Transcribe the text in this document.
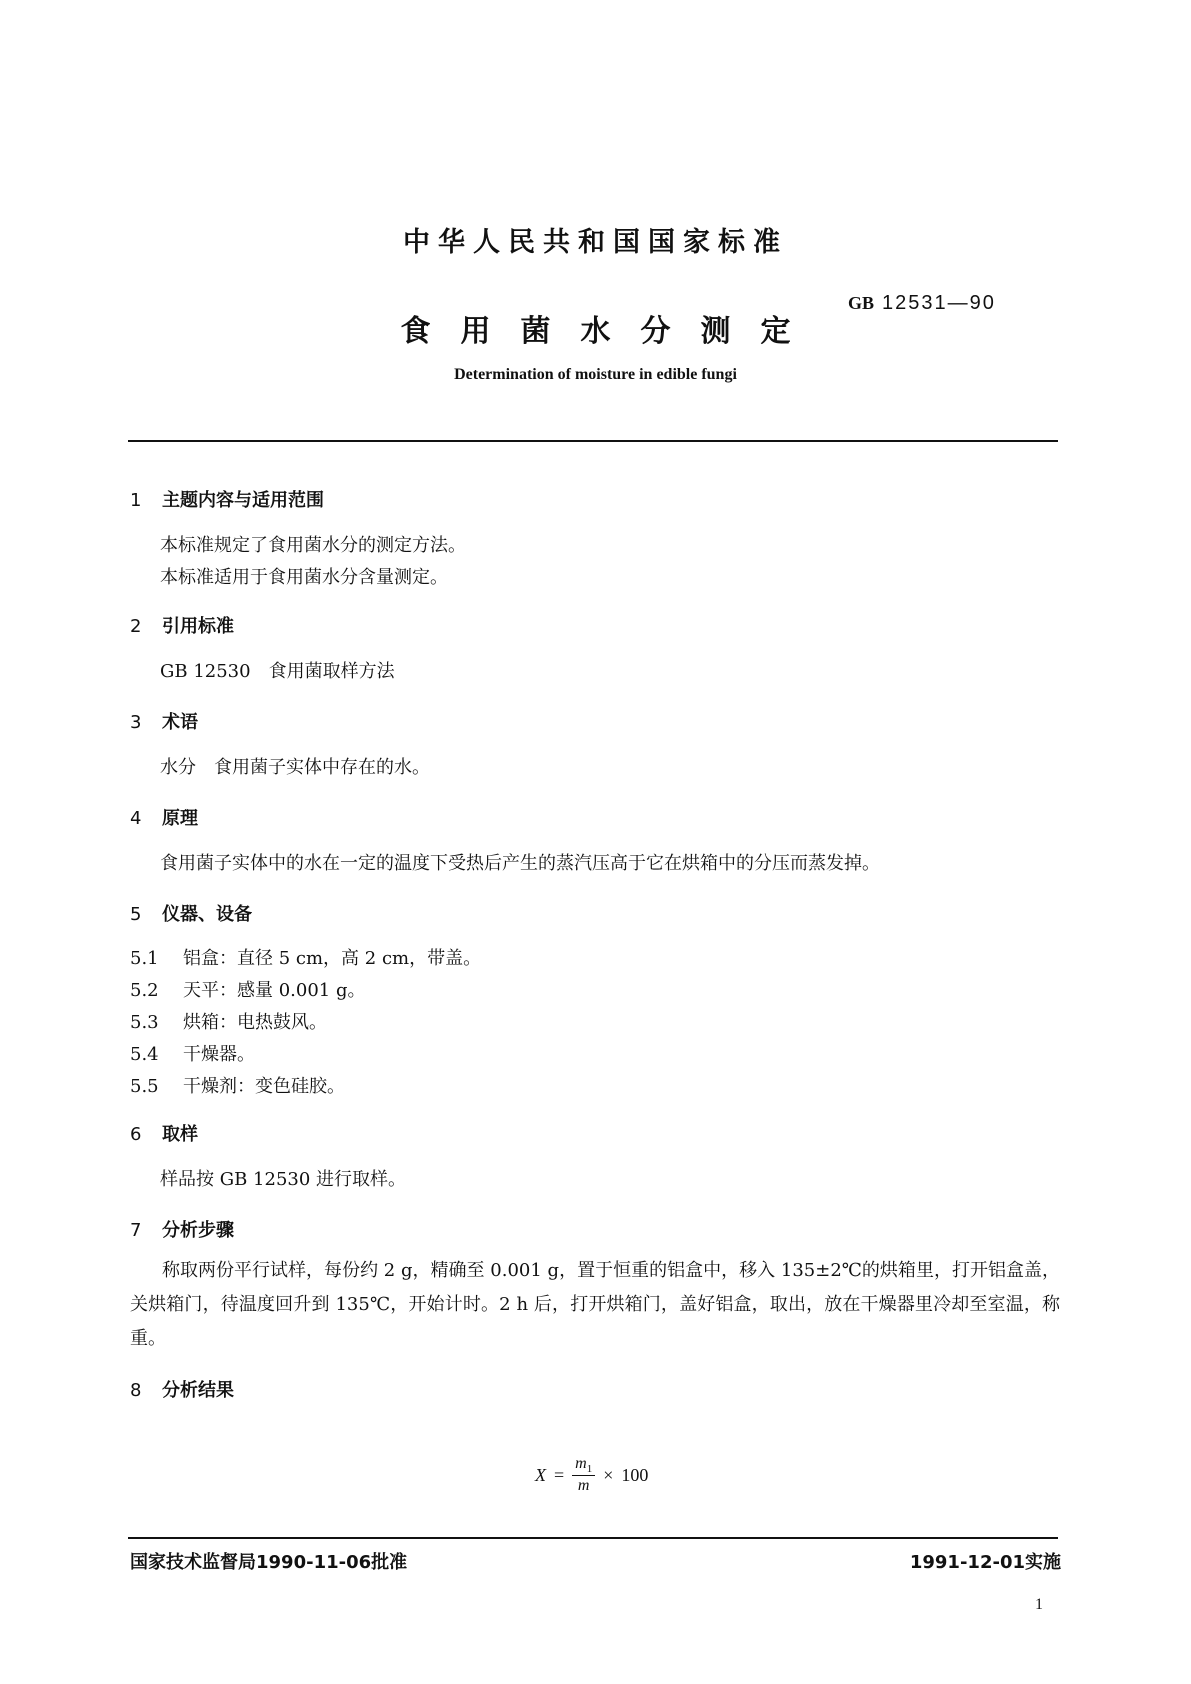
中华人民共和国国家标准
GB 12531—90
食用菌水分测定
Determination of moisture in edible fungi
1 主题内容与适用范围
本标准规定了食用菌水分的测定方法。
本标准适用于食用菌水分含量测定。
2 引用标准
GB 12530　食用菌取样方法
3 术语
水分　食用菌子实体中存在的水。
4 原理
食用菌子实体中的水在一定的温度下受热后产生的蒸汽压高于它在烘箱中的分压而蒸发掉。
5 仪器、设备
5.1 铝盒：直径 5 cm，高 2 cm，带盖。
5.2 天平：感量 0.001 g。
5.3 烘箱：电热鼓风。
5.4 干燥器。
5.5 干燥剂：变色硅胶。
6 取样
样品按 GB 12530 进行取样。
7 分析步骤
称取两份平行试样，每份约 2 g，精确至 0.001 g，置于恒重的铝盒中，移入 135±2℃的烘箱里，打开铝盒盖，关烘箱门，待温度回升到 135℃，开始计时。2 h 后，打开烘箱门，盖好铝盒，取出，放在干燥器里冷却至室温，称重。
8 分析结果
$X = \frac{m_1}{m} \times 100$
国家技术监督局1990-11-06批准	1991-12-01实施
1
